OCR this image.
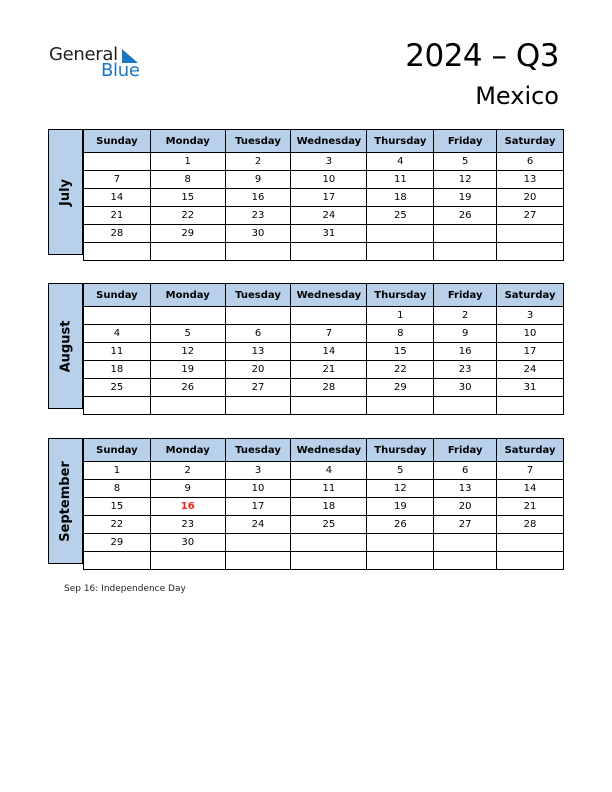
General
Blue	2024 – Q3
Mexico
July
Sunday	Monday	Tuesday	Wednesday	Thursday	Friday	Saturday
	1	2	3	4	5	6
7	8	9	10	11	12	13
14	15	16	17	18	19	20
21	22	23	24	25	26	27
28	29	30	31			

August
Sunday	Monday	Tuesday	Wednesday	Thursday	Friday	Saturday
				1	2	3
4	5	6	7	8	9	10
11	12	13	14	15	16	17
18	19	20	21	22	23	24
25	26	27	28	29	30	31

September
Sunday	Monday	Tuesday	Wednesday	Thursday	Friday	Saturday
1	2	3	4	5	6	7
8	9	10	11	12	13	14
15	16	17	18	19	20	21
22	23	24	25	26	27	28
29	30					

Sep 16: Independence Day
